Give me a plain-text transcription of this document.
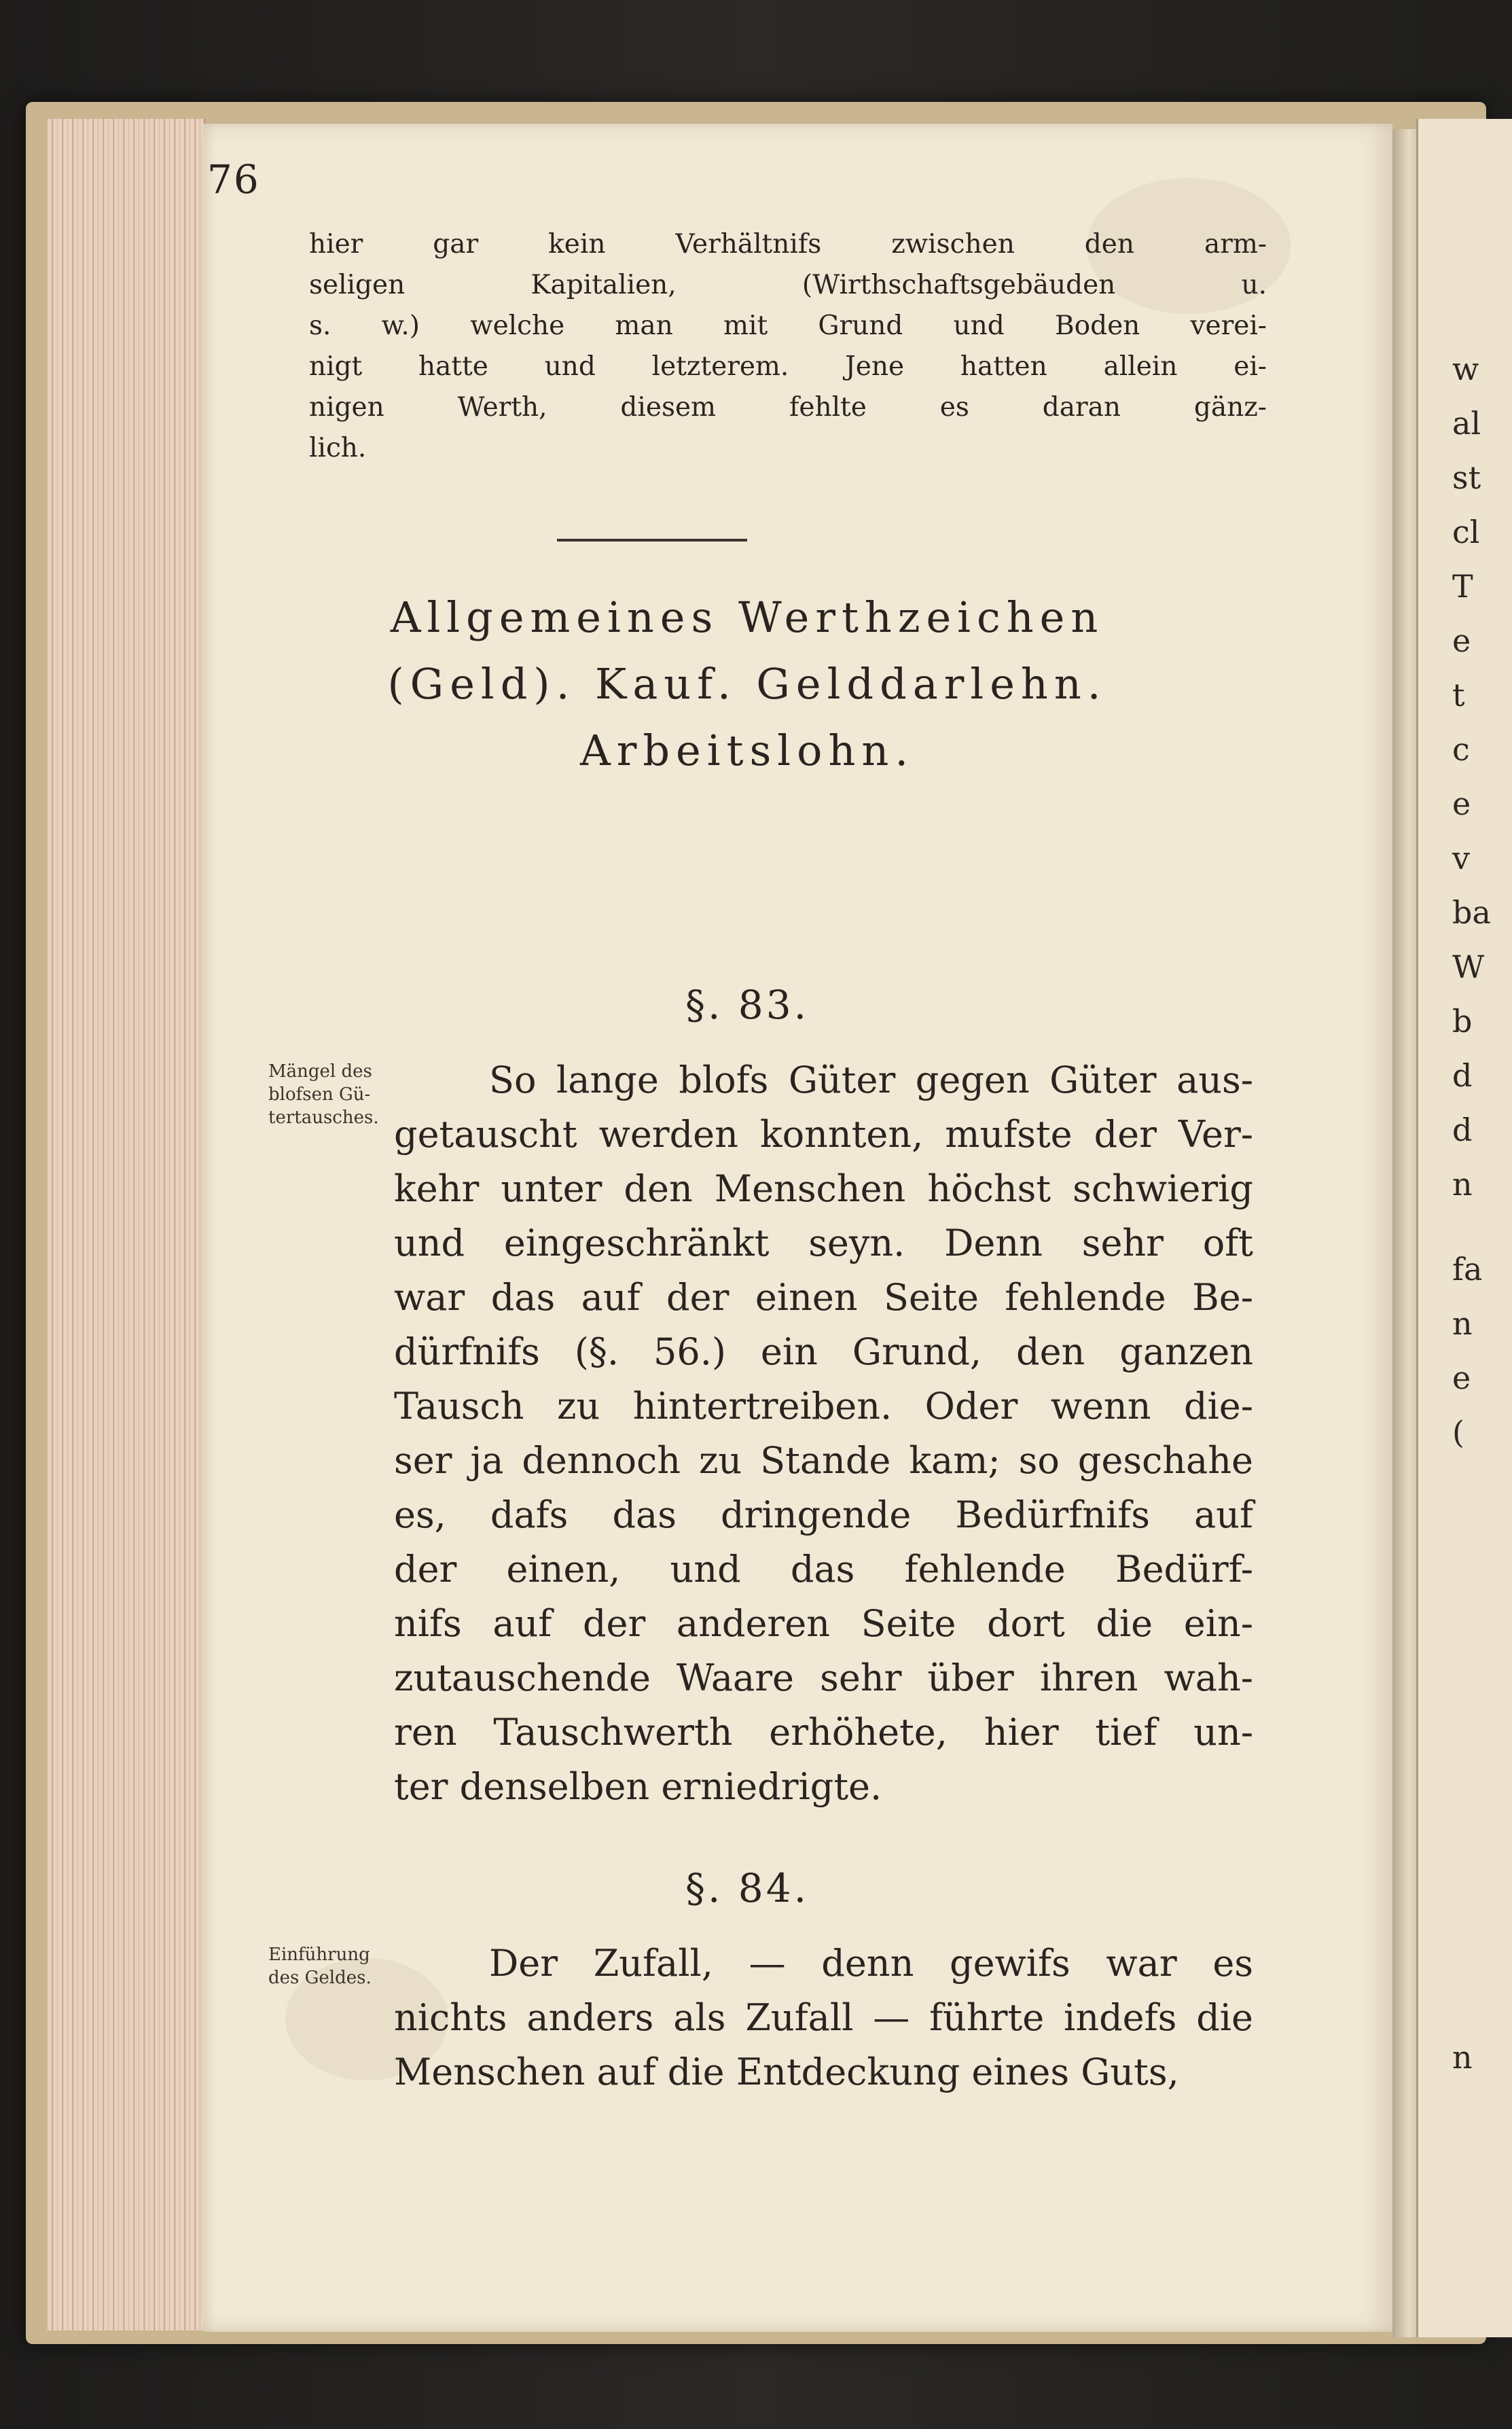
w
al
st
cl
T
e
t
c
e
v
ba
W
b
d
d
n
fa
n
e
(
n
76
hier gar kein Verhältnifs zwischen den arm-
seligen Kapitalien, (Wirthschaftsgebäuden u.
s. w.) welche man mit Grund und Boden verei-
nigt hatte und letzterem. Jene hatten allein ei-
nigen Werth, diesem fehlte es daran gänz-
lich.
Allgemeines Werthzeichen
(Geld). Kauf. Gelddarlehn.
Arbeitslohn.
§. 83.
Mängel des
blofsen Gü-
tertausches.
So lange blofs Güter gegen Güter aus-
getauscht werden konnten, mufste der Ver-
kehr unter den Menschen höchst schwierig
und eingeschränkt seyn. Denn sehr oft
war das auf der einen Seite fehlende Be-
dürfnifs (§. 56.) ein Grund, den ganzen
Tausch zu hintertreiben. Oder wenn die-
ser ja dennoch zu Stande kam; so geschahe
es, dafs das dringende Bedürfnifs auf
der einen, und das fehlende Bedürf-
nifs auf der anderen Seite dort die ein-
zutauschende Waare sehr über ihren wah-
ren Tauschwerth erhöhete, hier tief un-
ter denselben erniedrigte.
§. 84.
Einführung
des Geldes.	Der Zufall, — denn gewifs war es
nichts anders als Zufall — führte indefs die
Menschen auf die Entdeckung eines Guts,
